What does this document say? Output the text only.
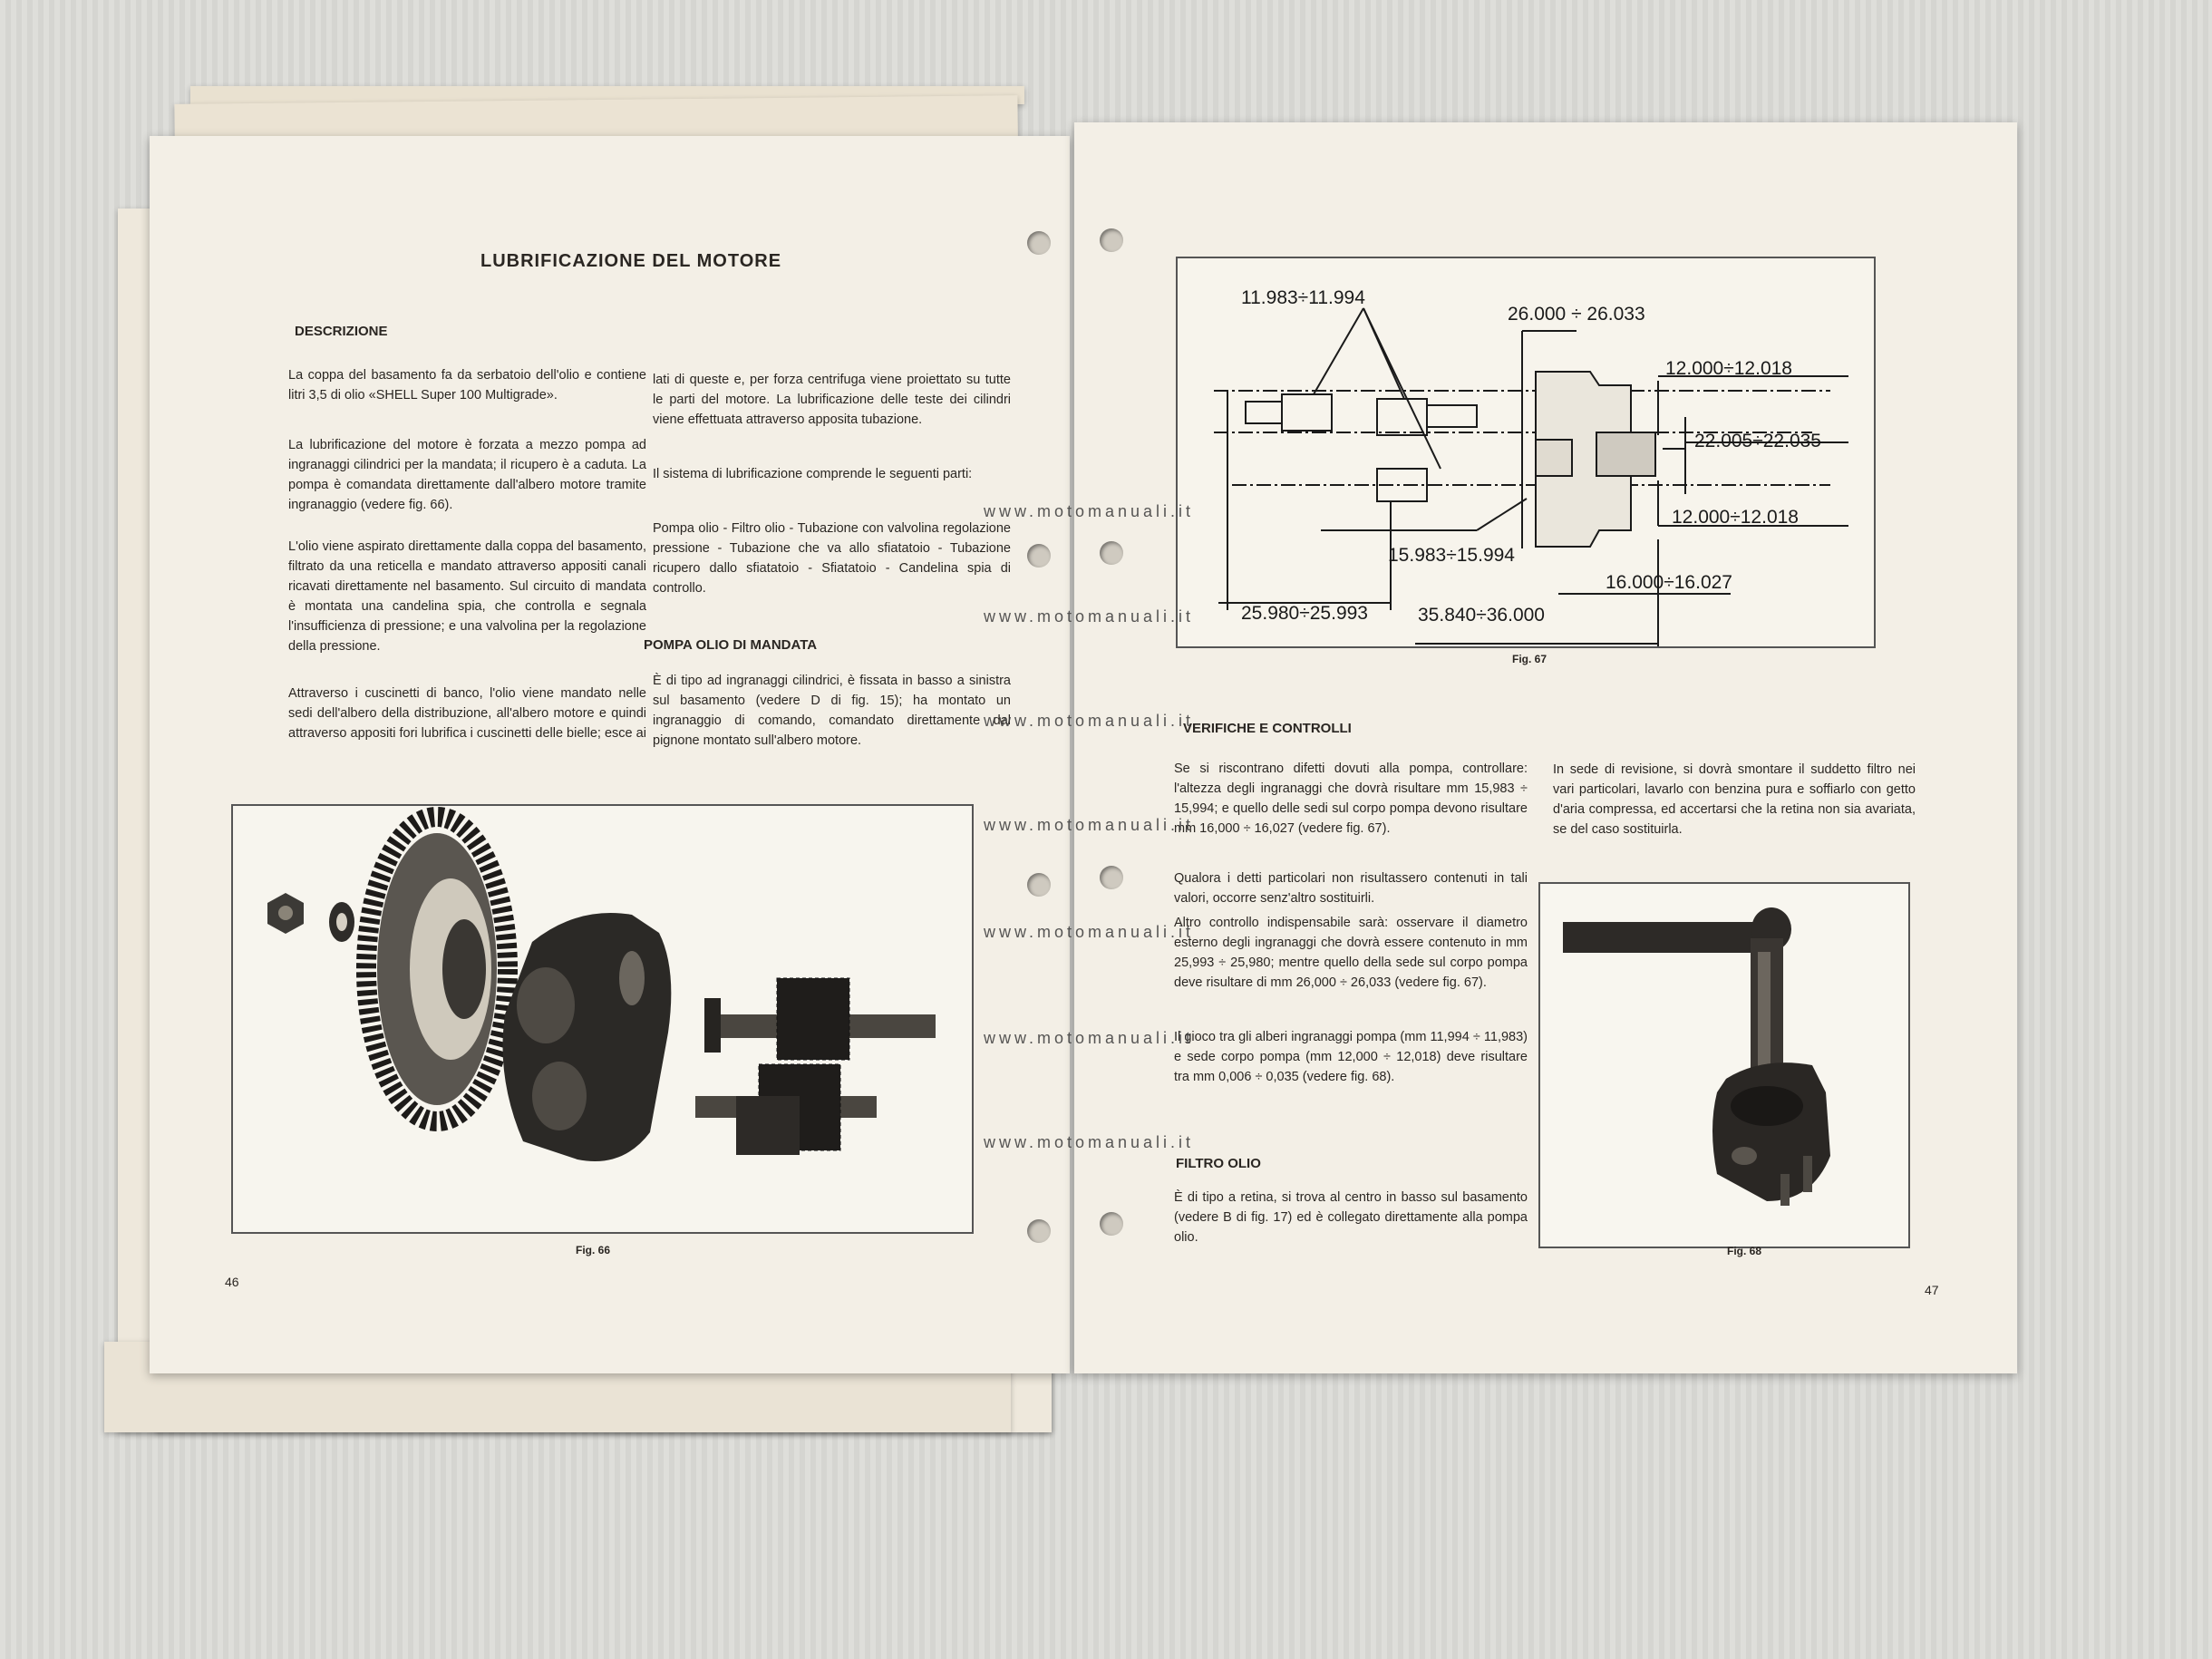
LUBRIFICAZIONE DEL MOTORE
DESCRIZIONE

La coppa del basamento fa da serbatoio dell'olio e contiene litri 3,5 di olio «SHELL Super 100 Multigrade».

La lubrificazione del motore è forzata a mezzo pompa ad ingranaggi cilindrici per la mandata; il ricupero è a caduta. La pompa è comandata direttamente dall'albero motore tramite ingranaggio (vedere fig. 66).

L'olio viene aspirato direttamente dalla coppa del basamento, filtrato da una reticella e mandato attraverso appositi canali ricavati direttamente nel basamento. Sul circuito di mandata è montata una candelina spia, che controlla e segnala l'insufficienza di pressione; e una valvolina per la regolazione della pressione.

Attraverso i cuscinetti di banco, l'olio viene mandato nelle sedi dell'albero della distribuzione, all'albero motore e quindi attraverso appositi fori lubrifica i cuscinetti delle bielle; esce ai

lati di queste e, per forza centrifuga viene proiettato su tutte le parti del motore. La lubrificazione delle teste dei cilindri viene effettuata attraverso apposita tubazione.

Il sistema di lubrificazione comprende le seguenti parti:

Pompa olio - Filtro olio - Tubazione con valvolina regolazione pressione - Tubazione che va allo sfiatatoio - Tubazione ricupero dallo sfiatatoio - Sfiatatoio - Candelina spia di controllo.

POMPA OLIO DI MANDATA

È di tipo ad ingranaggi cilindrici, è fissata in basso a sinistra sul basamento (vedere D di fig. 15); ha montato un ingranaggio di comando, comandato direttamente dal pignone montato sull'albero motore.

Fig. 66
46
11.983÷11.994
26.000 ÷ 26.033
12.000÷12.018
22.005÷22.035
12.000÷12.018
15.983÷15.994
16.000÷16.027
25.980÷25.993	35.840÷36.000
Fig. 67
VERIFICHE E CONTROLLI

Se si riscontrano difetti dovuti alla pompa, controllare: l'altezza degli ingranaggi che dovrà risultare mm 15,983 ÷ 15,994; e quello delle sedi sul corpo pompa devono risultare mm 16,000 ÷ 16,027 (vedere fig. 67).

Qualora i detti particolari non risultassero contenuti in tali valori, occorre senz'altro sostituirli.

Altro controllo indispensabile sarà: osservare il diametro esterno degli ingranaggi che dovrà essere contenuto in mm 25,993 ÷ 25,980; mentre quello della sede sul corpo pompa deve risultare di mm 26,000 ÷ 26,033 (vedere fig. 67).

Il gioco tra gli alberi ingranaggi pompa (mm 11,994 ÷ 11,983) e sede corpo pompa (mm 12,000 ÷ 12,018) deve risultare tra mm 0,006 ÷ 0,035 (vedere fig. 68).

FILTRO OLIO

È di tipo a retina, si trova al centro in basso sul basamento (vedere B di fig. 17) ed è collegato direttamente alla pompa olio.

In sede di revisione, si dovrà smontare il suddetto filtro nei vari particolari, lavarlo con benzina pura e soffiarlo con getto d'aria compressa, ed accertarsi che la retina non sia avariata, se del caso sostituirla.

Fig. 68
47
www.motomanuali.it
www.motomanuali.it
www.motomanuali.it
www.motomanuali.it
www.motomanuali.it
www.motomanuali.it
www.motomanuali.it
